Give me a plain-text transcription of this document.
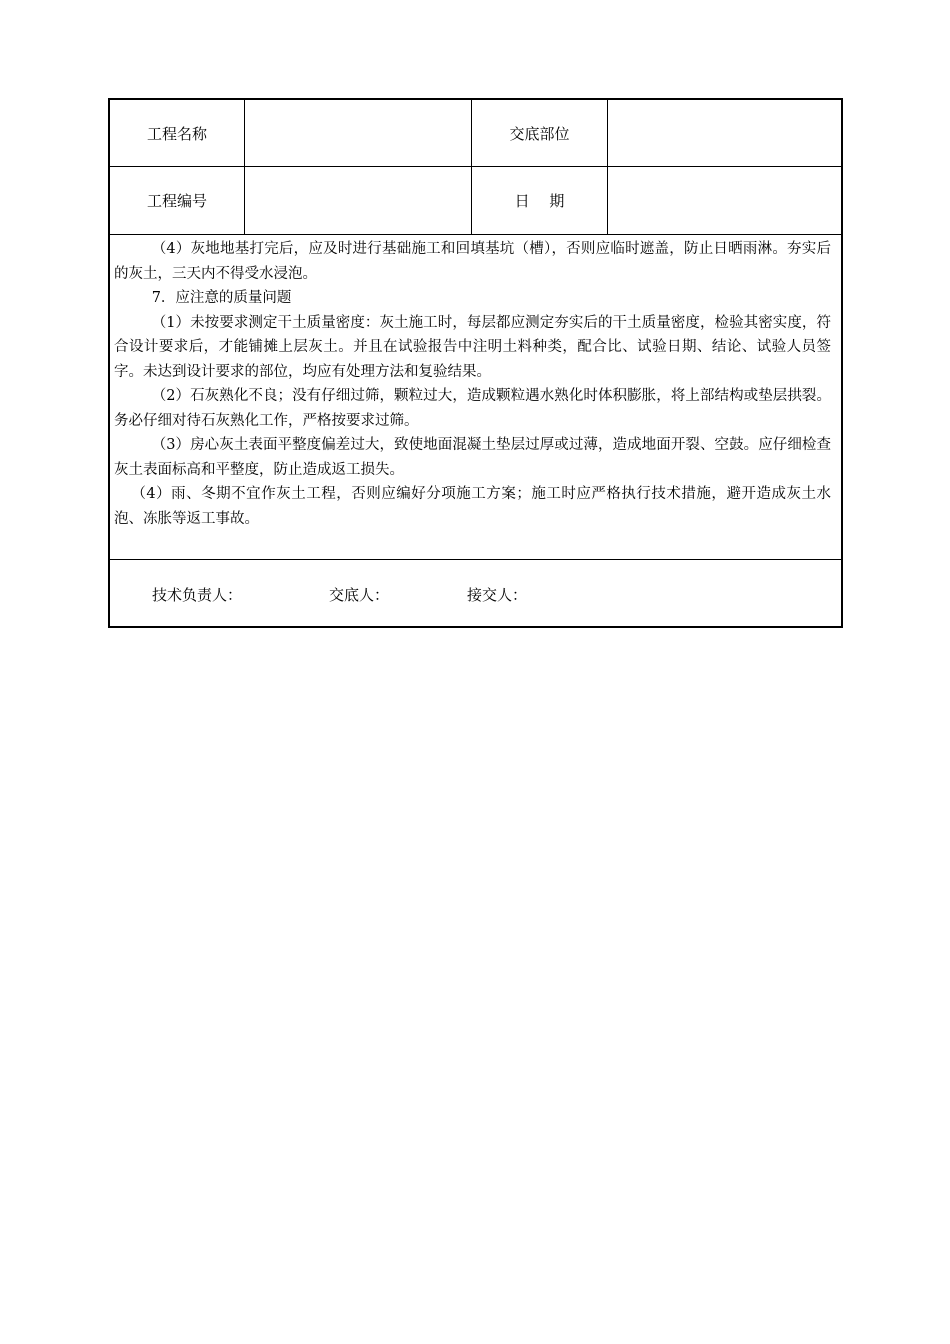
工程名称	交底部位
工程编号	日　 期

（4）灰地地基打完后，应及时进行基础施工和回填基坑（槽），否则应临时遮盖，防止日晒雨淋。夯实后的灰土，三天内不得受水浸泡。

7．应注意的质量问题

（1）未按要求测定干土质量密度：灰土施工时，每层都应测定夯实后的干土质量密度，检验其密实度，符合设计要求后，才能铺摊上层灰土。并且在试验报告中注明土料种类，配合比、试验日期、结论、试验人员签字。未达到设计要求的部位，均应有处理方法和复验结果。

（2）石灰熟化不良；没有仔细过筛，颗粒过大，造成颗粒遇水熟化时体积膨胀，将上部结构或垫层拱裂。务必仔细对待石灰熟化工作，严格按要求过筛。

（3）房心灰土表面平整度偏差过大，致使地面混凝土垫层过厚或过薄，造成地面开裂、空鼓。应仔细检查灰土表面标高和平整度，防止造成返工损失。

（4）雨、冬期不宜作灰土工程，否则应编好分项施工方案；施工时应严格执行技术措施，避开造成灰土水泡、冻胀等返工事故。

技术负责人：	交底人：	接交人：
